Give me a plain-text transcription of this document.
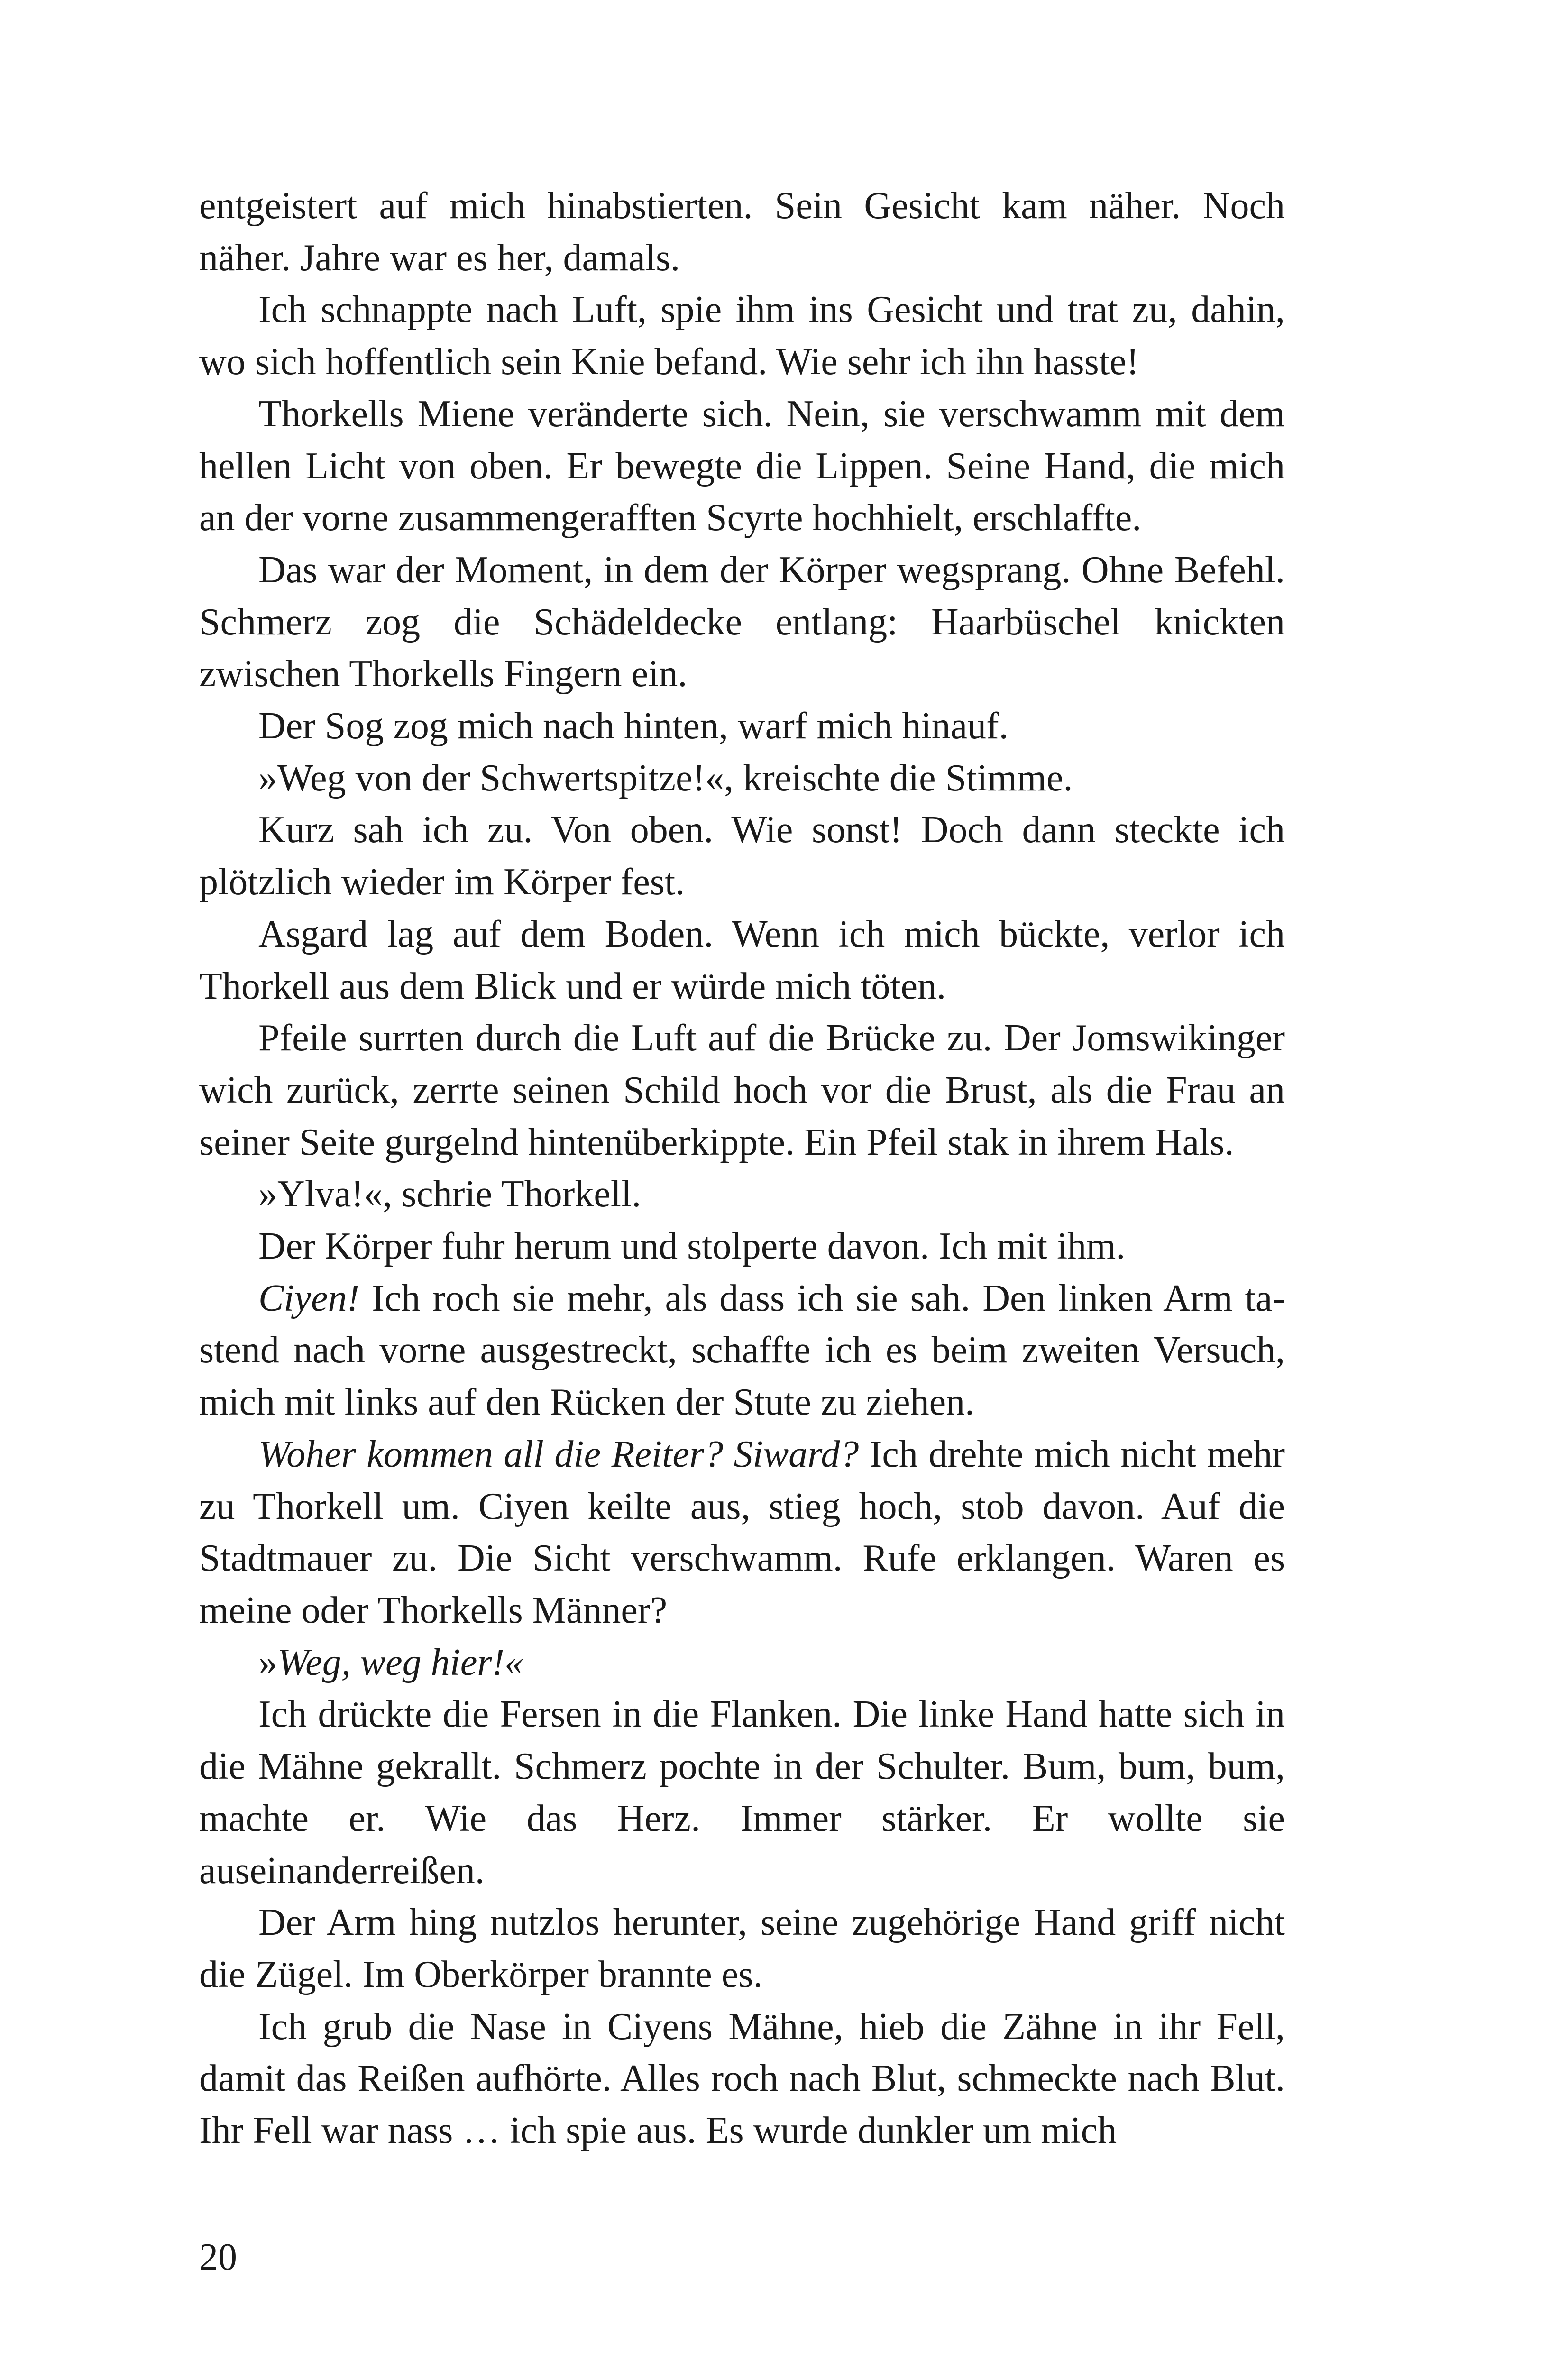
entgeistert auf mich hinabstierten. Sein Gesicht kam näher. Noch näher. Jahre war es her, damals.

Ich schnappte nach Luft, spie ihm ins Gesicht und trat zu, dahin, wo sich hoffentlich sein Knie befand. Wie sehr ich ihn hasste!

Thorkells Miene veränderte sich. Nein, sie verschwamm mit dem hellen Licht von oben. Er bewegte die Lippen. Seine Hand, die mich an der vorne zusammengerafften Scyrte hochhielt, erschlaffte.

Das war der Moment, in dem der Körper wegsprang. Ohne Befehl. Schmerz zog die Schädeldecke entlang: Haarbüschel knickten zwischen Thorkells Fingern ein.

Der Sog zog mich nach hinten, warf mich hinauf.

»Weg von der Schwertspitze!«, kreischte die Stimme.

Kurz sah ich zu. Von oben. Wie sonst! Doch dann steckte ich plötzlich wieder im Körper fest.

Asgard lag auf dem Boden. Wenn ich mich bückte, verlor ich Thorkell aus dem Blick und er würde mich töten.

Pfeile surrten durch die Luft auf die Brücke zu. Der Jomswikinger wich zurück, zerrte seinen Schild hoch vor die Brust, als die Frau an seiner Seite gurgelnd hintenüberkippte. Ein Pfeil stak in ihrem Hals.

»Ylva!«, schrie Thorkell.

Der Körper fuhr herum und stolperte davon. Ich mit ihm.

Ciyen! Ich roch sie mehr, als dass ich sie sah. Den linken Arm tastend nach vorne ausgestreckt, schaffte ich es beim zweiten Versuch, mich mit links auf den Rücken der Stute zu ziehen.

Woher kommen all die Reiter? Siward? Ich drehte mich nicht mehr zu Thorkell um. Ciyen keilte aus, stieg hoch, stob davon. Auf die Stadtmauer zu. Die Sicht verschwamm. Rufe erklangen. Waren es meine oder Thorkells Männer?

»Weg, weg hier!«

Ich drückte die Fersen in die Flanken. Die linke Hand hatte sich in die Mähne gekrallt. Schmerz pochte in der Schulter. Bum, bum, bum, machte er. Wie das Herz. Immer stärker. Er wollte sie auseinanderreißen.

Der Arm hing nutzlos herunter, seine zugehörige Hand griff nicht die Zügel. Im Oberkörper brannte es.

Ich grub die Nase in Ciyens Mähne, hieb die Zähne in ihr Fell, damit das Reißen aufhörte. Alles roch nach Blut, schmeckte nach Blut. Ihr Fell war nass … ich spie aus. Es wurde dunkler um mich

20
